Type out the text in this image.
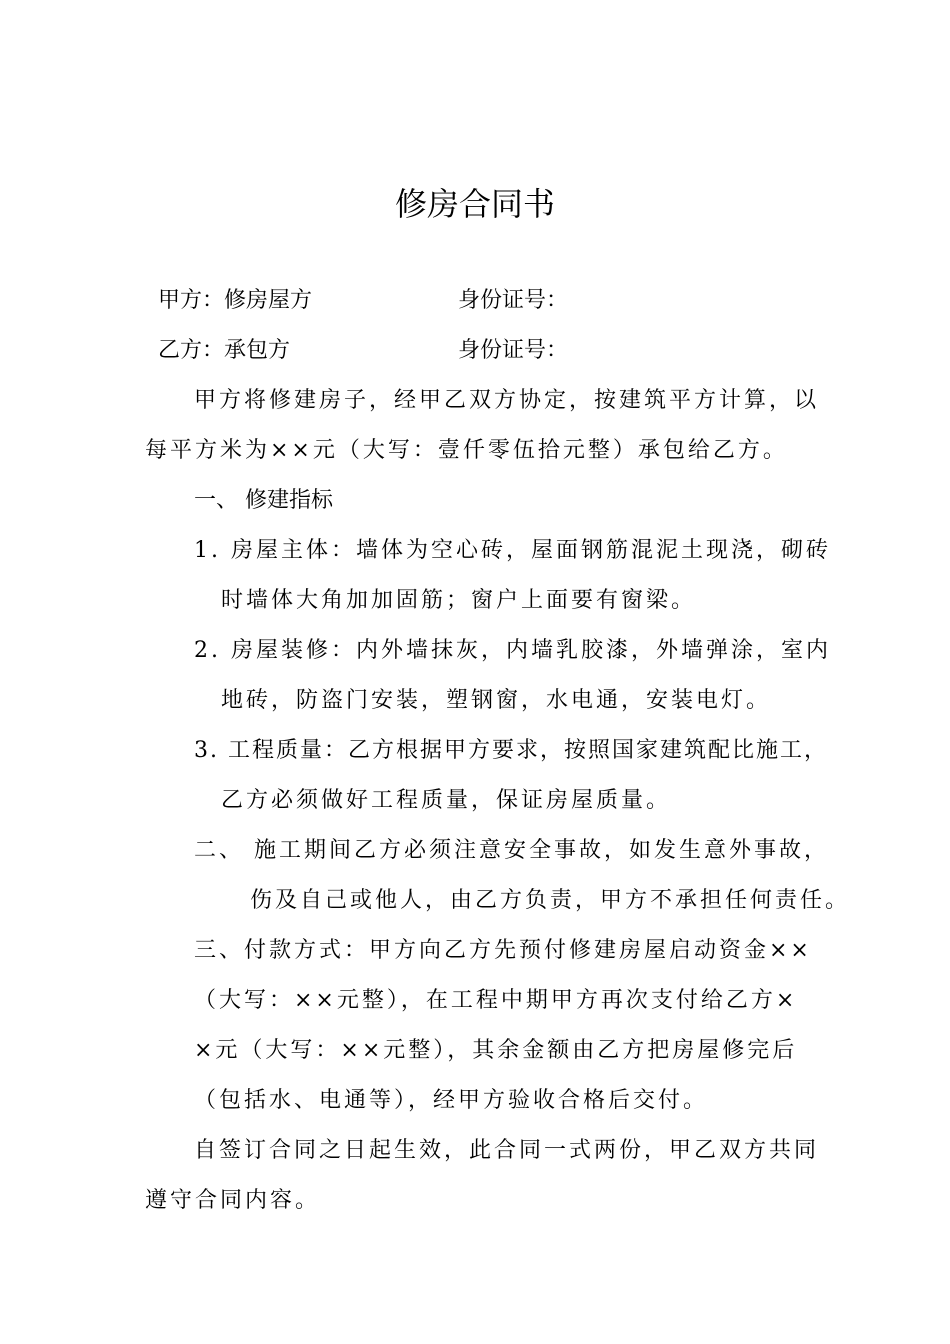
修房合同书
甲方：修房屋方	身份证号：
乙方：承包方	身份证号：
甲方将修建房子，经甲乙双方协定，按建筑平方计算，以
每平方米为××元（大写：壹仟零伍拾元整）承包给乙方。
一、 修建指标
1. 房屋主体：墙体为空心砖，屋面钢筋混泥土现浇，砌砖
时墙体大角加加固筋；窗户上面要有窗梁。
2. 房屋装修：内外墙抹灰，内墙乳胶漆，外墙弹涂，室内
地砖，防盗门安装，塑钢窗，水电通，安装电灯。
3. 工程质量：乙方根据甲方要求，按照国家建筑配比施工，
乙方必须做好工程质量，保证房屋质量。
二、 施工期间乙方必须注意安全事故，如发生意外事故，
伤及自己或他人，由乙方负责，甲方不承担任何责任。
三、付款方式：甲方向乙方先预付修建房屋启动资金××
（大写：××元整），在工程中期甲方再次支付给乙方×
×元（大写：××元整），其余金额由乙方把房屋修完后
（包括水、电通等），经甲方验收合格后交付。
自签订合同之日起生效，此合同一式两份，甲乙双方共同
遵守合同内容。
